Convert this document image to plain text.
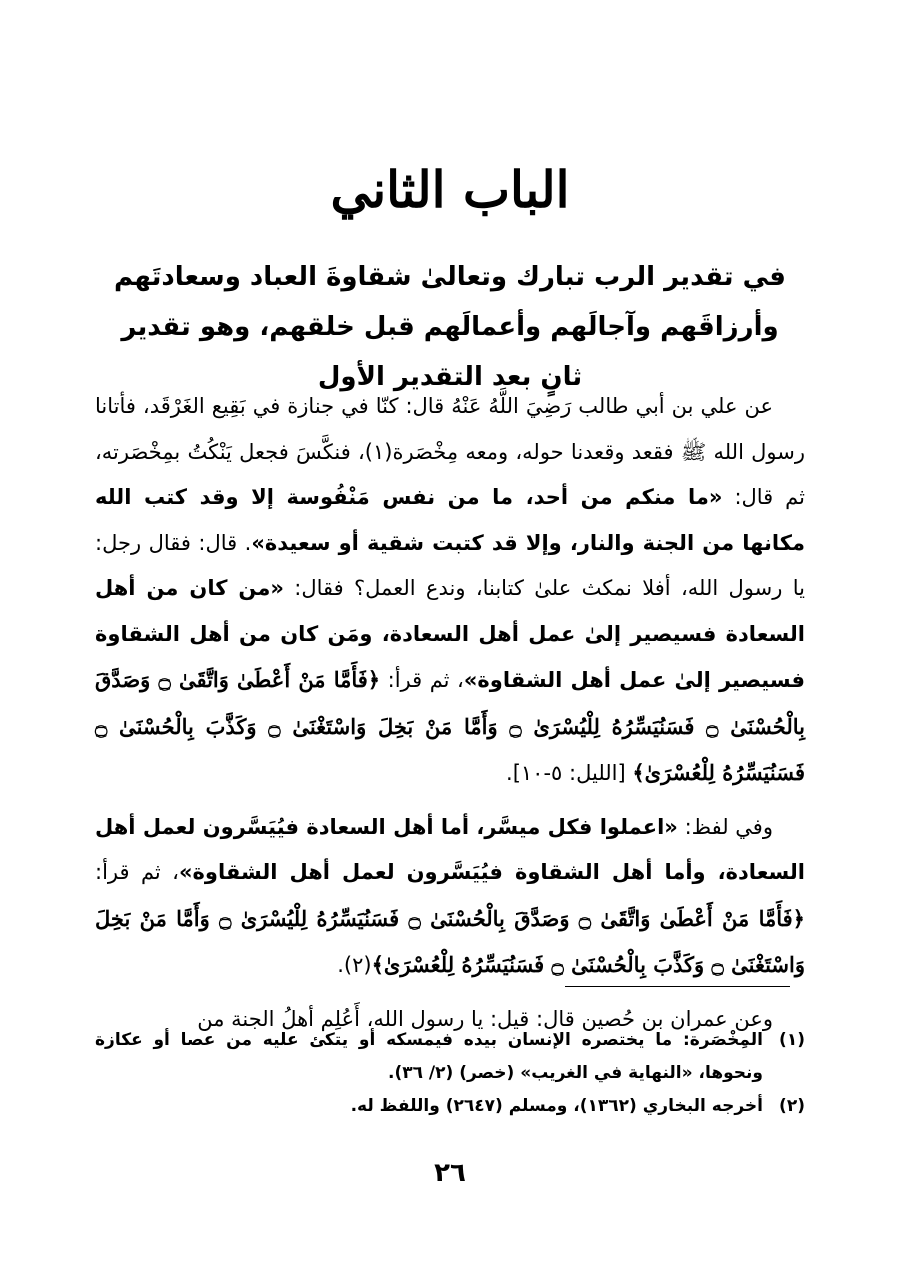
الباب الثاني
في تقدير الرب تبارك وتعالىٰ شقاوةَ العباد وسعادتَهم وأرزاقَهم وآجالَهم وأعمالَهم قبل خلقهم، وهو تقدير ثانٍ بعد التقدير الأول

عن علي بن أبي طالب رَضِيَ اللَّهُ عَنْهُ قال: كنّا في جنازة في بَقِيع الغَرْقَد، فأتانا رسول الله ﷺ فقعد وقعدنا حوله، ومعه مِخْصَرة(١)، فنكَّسَ فجعل يَنْكُتُ بمِخْصَرته، ثم قال: «ما منكم من أحد، ما من نفس مَنْفُوسة إلا وقد كتب الله مكانها من الجنة والنار، وإلا قد كتبت شقية أو سعيدة». قال: فقال رجل: يا رسول الله، أفلا نمكث علىٰ كتابنا، وندع العمل؟ فقال: «من كان من أهل السعادة فسيصير إلىٰ عمل أهل السعادة، ومَن كان من أهل الشقاوة فسيصير إلىٰ عمل أهل الشقاوة»، ثم قرأ: ﴿فَأَمَّا مَنْ أَعْطَىٰ وَاتَّقَىٰ ۝ وَصَدَّقَ بِالْحُسْنَىٰ ۝ فَسَنُيَسِّرُهُ لِلْيُسْرَىٰ ۝ وَأَمَّا مَنْ بَخِلَ وَاسْتَغْنَىٰ ۝ وَكَذَّبَ بِالْحُسْنَىٰ ۝ فَسَنُيَسِّرُهُ لِلْعُسْرَىٰ﴾ [الليل: ٥-١٠].

وفي لفظ: «اعملوا فكل ميسَّر، أما أهل السعادة فيُيَسَّرون لعمل أهل السعادة، وأما أهل الشقاوة فيُيَسَّرون لعمل أهل الشقاوة»، ثم قرأ: ﴿فَأَمَّا مَنْ أَعْطَىٰ وَاتَّقَىٰ ۝ وَصَدَّقَ بِالْحُسْنَىٰ ۝ فَسَنُيَسِّرُهُ لِلْيُسْرَىٰ ۝ وَأَمَّا مَنْ بَخِلَ وَاسْتَغْنَىٰ ۝ وَكَذَّبَ بِالْحُسْنَىٰ ۝ فَسَنُيَسِّرُهُ لِلْعُسْرَىٰ﴾(٢).

وعن عمران بن حُصين قال: قيل: يا رسول الله، أَعُلِم أهلُ الجنة من

(١)
المِخْصَرة: ما يختصره الإنسان بيده فيمسكه أو يتكئ عليه من عصا أو عكازة ونحوها، «النهاية في الغريب» (خصر) (٢/ ٣٦).
(٢)
أخرجه البخاري (١٣٦٢)، ومسلم (٢٦٤٧) واللفظ له.
٢٦
